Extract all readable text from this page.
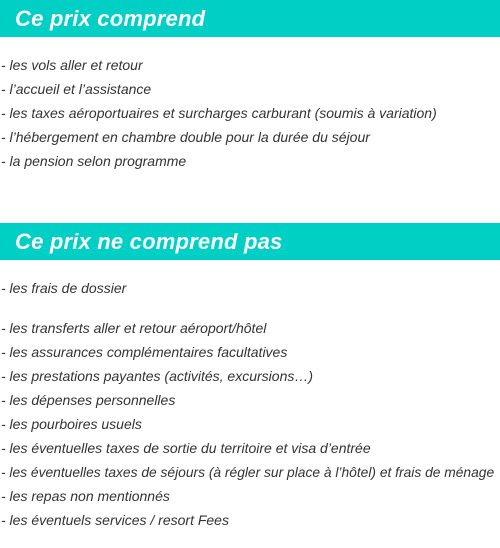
Ce prix comprend
- les vols aller et retour
- l’accueil et l’assistance
- les taxes aéroportuaires et surcharges carburant (soumis à variation)
- l’hébergement en chambre double pour la durée du séjour
- la pension selon programme
Ce prix ne comprend pas
- les frais de dossier
- les transferts aller et retour aéroport/hôtel
- les assurances complémentaires facultatives
- les prestations payantes (activités, excursions…)
- les dépenses personnelles
- les pourboires usuels
- les éventuelles taxes de sortie du territoire et visa d’entrée
- les éventuelles taxes de séjours (à régler sur place à l’hôtel) et frais de ménage
- les repas non mentionnés
- les éventuels services / resort Fees
